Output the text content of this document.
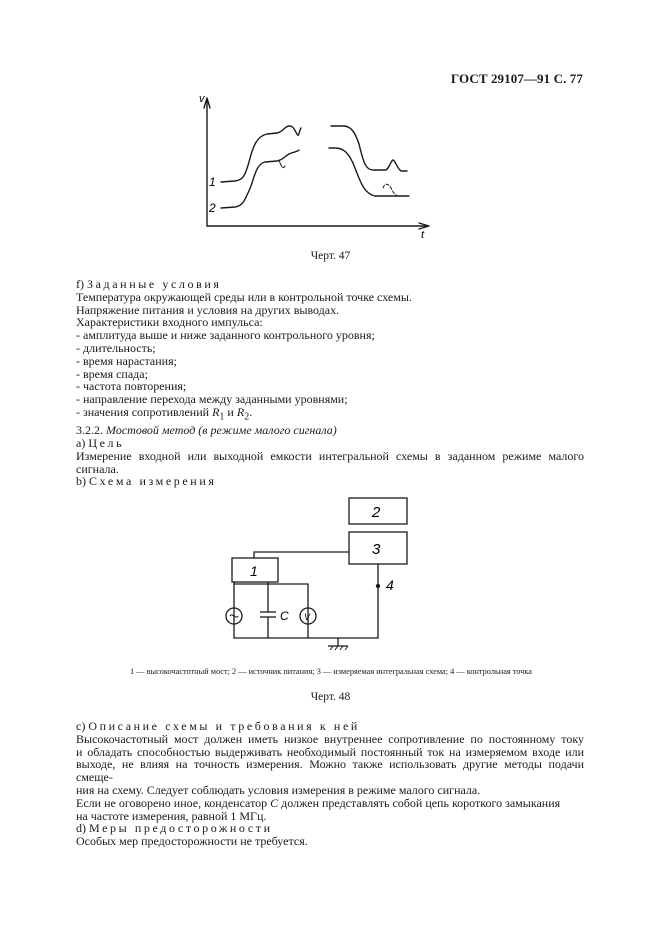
ГОСТ 29107—91 С. 77
v
t
1
2
Черт. 47
f) Заданные условия
Температура окружающей среды или в контрольной точке схемы.
Напряжение питания и условия на других выводах.
Характеристики входного импульса:
- амплитуда выше и ниже заданного контрольного уровня;
- длительность;
- время нарастания;
- время спада;
- частота повторения;
- направление перехода между заданными уровнями;
- значения сопротивлений $R_1$ и $R_2$.
3.2.2. Мостовой метод (в режиме малого сигнала)
а) Цель
Измерение входной или выходной емкости интегральной схемы в заданном режиме малого
сигнала.
b) Схема измерения
2
3
1
4
C V
1 — высокочастотный мост; 2 — источник питания; 3 — измеряемая интегральная схема; 4 — контрольная точка
Черт. 48
с) Описание схемы и требования к ней
Высокочастотный мост должен иметь низкое внутреннее сопротивление по постоянному току
и обладать способностью выдерживать необходимый постоянный ток на измеряемом входе или
выходе, не влияя на точность измерения. Можно также использовать другие методы подачи смеще-
ния на схему. Следует соблюдать условия измерения в режиме малого сигнала.
Если не оговорено иное, конденсатор С должен представлять собой цепь короткого замыкания
на частоте измерения, равной 1 МГц.
d) Меры предосторожности
Особых мер предосторожности не требуется.
